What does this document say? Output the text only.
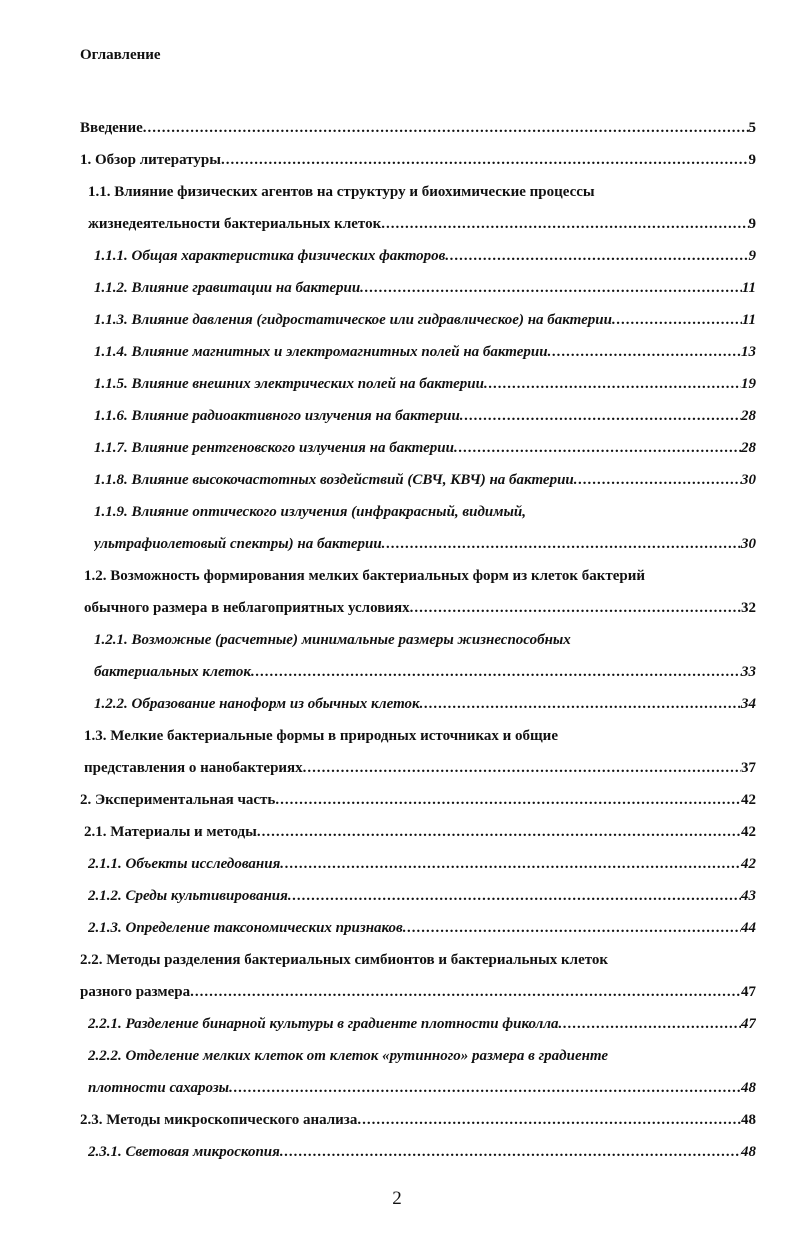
Оглавление
Введение. .....	5
1. Обзор литературы. .....	9
1.1. Влияние физических агентов на структуру и биохимические процессы
жизнедеятельности бактериальных клеток. .....	9
1.1.1. Общая характеристика физических факторов. .....	9
1.1.2. Влияние гравитации на бактерии. .....	11
1.1.3. Влияние давления (гидростатическое или гидравлическое) на бактерии. .....	11
1.1.4. Влияние магнитных и электромагнитных полей на бактерии. .....	13
1.1.5. Влияние внешних электрических полей на бактерии. .....	19
1.1.6. Влияние радиоактивного излучения на бактерии. .....	28
1.1.7. Влияние рентгеновского излучения на бактерии. .....	28
1.1.8. Влияние высокочастотных воздействий (СВЧ, КВЧ) на бактерии. .....	30
1.1.9. Влияние оптического излучения (инфракрасный, видимый,
ультрафиолетовый спектры) на бактерии. .....	30
1.2. Возможность формирования мелких бактериальных форм из клеток бактерий
обычного размера в неблагоприятных условиях. .....	32
1.2.1. Возможные (расчетные) минимальные размеры жизнеспособных
бактериальных клеток. .....	33
1.2.2. Образование наноформ из обычных клеток. .....	34
1.3. Мелкие бактериальные формы в природных источниках и общие
представления о нанобактериях. .....	37
2. Экспериментальная часть. .....	42
2.1. Материалы и методы. .....	42
2.1.1. Объекты исследования. .....	42
2.1.2. Среды культивирования. .....	43
2.1.3. Определение таксономических признаков. .....	44
2.2. Методы разделения бактериальных симбионтов и бактериальных клеток
разного размера. .....	47
2.2.1. Разделение бинарной культуры в градиенте плотности фиколла. .....	47
2.2.2. Отделение мелких клеток от клеток «рутинного» размера в градиенте
плотности сахарозы. .....	48
2.3. Методы микроскопического анализа. .....	48
2.3.1. Световая микроскопия. .....	48
2
